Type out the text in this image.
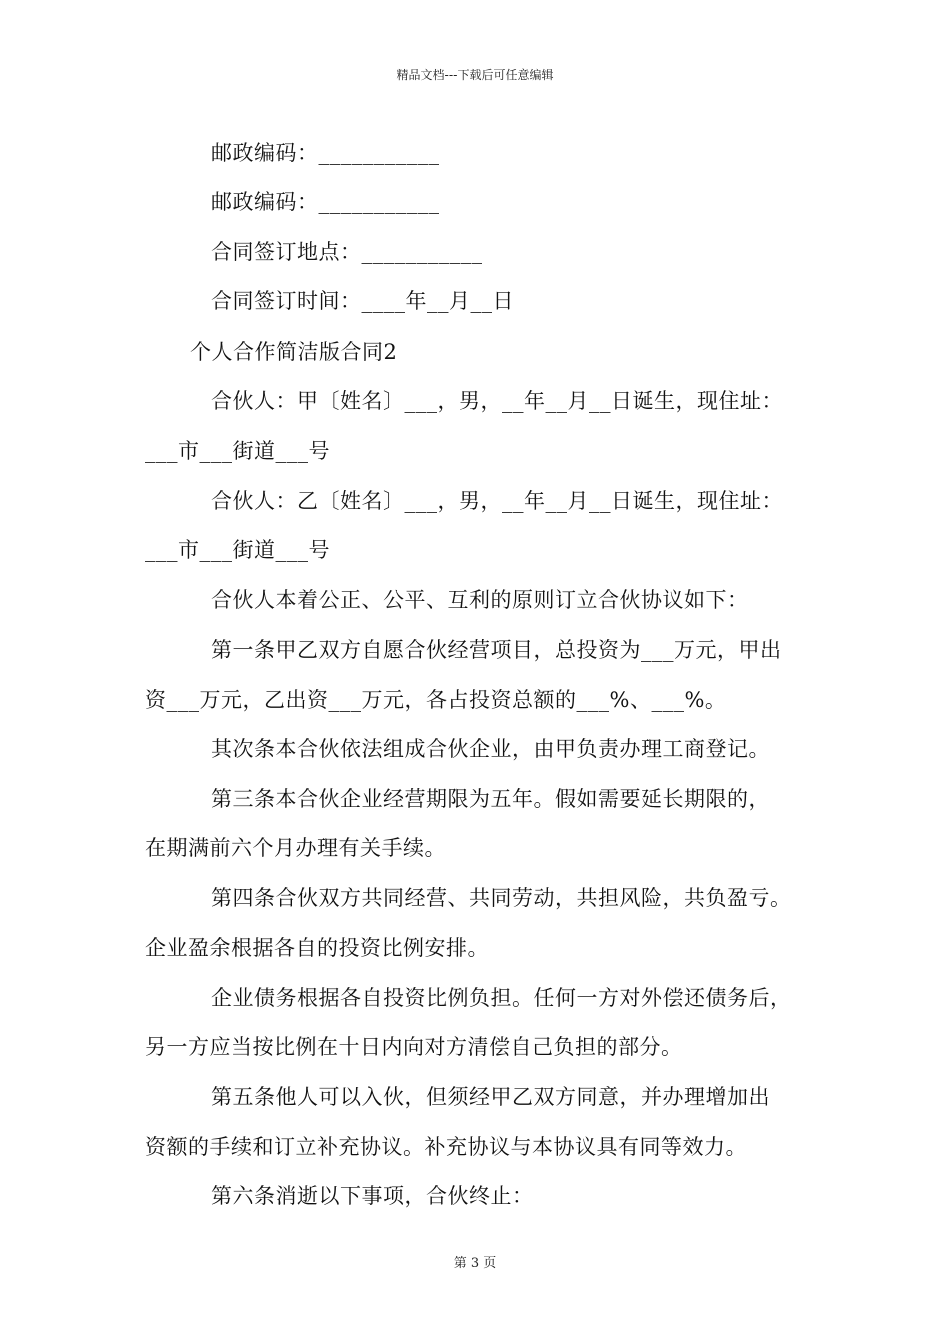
精品文档---下载后可任意编辑
邮政编码：___________
邮政编码：___________
合同签订地点：___________
合同签订时间：____年__月__日
个人合作简洁版合同2
合伙人：甲〔姓名〕___，男，__年__月__日诞生，现住址：
___市___街道___号
合伙人：乙〔姓名〕___，男，__年__月__日诞生，现住址：
___市___街道___号
合伙人本着公正、公平、互利的原则订立合伙协议如下：
第一条甲乙双方自愿合伙经营项目，总投资为___万元，甲出
资___万元，乙出资___万元，各占投资总额的___%、___%。
其次条本合伙依法组成合伙企业，由甲负责办理工商登记。
第三条本合伙企业经营期限为五年。假如需要延长期限的，
在期满前六个月办理有关手续。
第四条合伙双方共同经营、共同劳动，共担风险，共负盈亏。
企业盈余根据各自的投资比例安排。
企业债务根据各自投资比例负担。任何一方对外偿还债务后，
另一方应当按比例在十日内向对方清偿自己负担的部分。
第五条他人可以入伙，但须经甲乙双方同意，并办理增加出
资额的手续和订立补充协议。补充协议与本协议具有同等效力。
第六条消逝以下事项，合伙终止：
第 3 页
